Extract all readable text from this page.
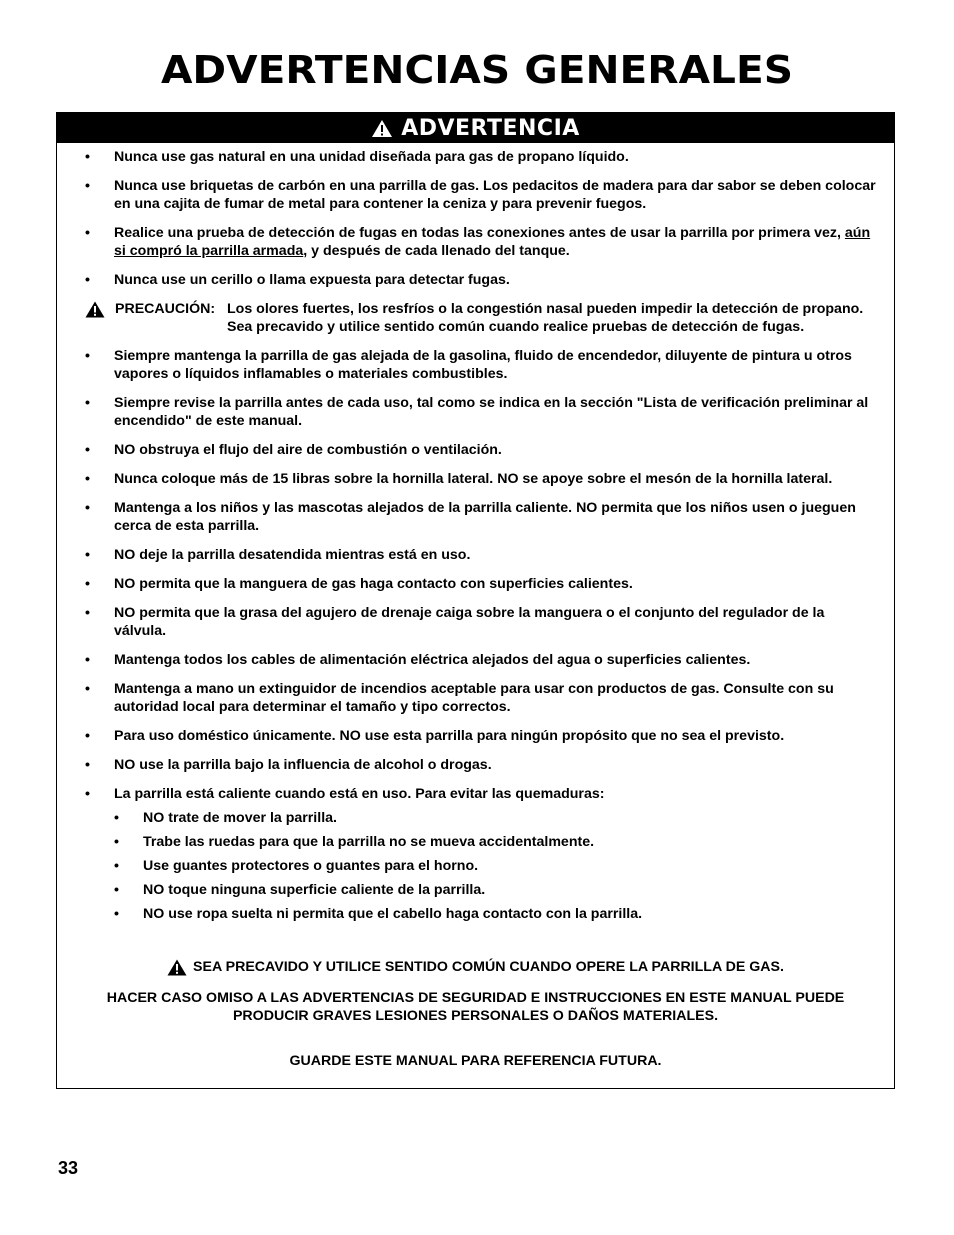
ADVERTENCIAS GENERALES
ADVERTENCIA
•	Nunca use gas natural en una unidad diseñada para gas de propano líquido.
•	Nunca use briquetas de carbón en una parrilla de gas. Los pedacitos de madera para dar sabor se deben colocar en una cajita de fumar de metal para contener la ceniza y para prevenir fuegos.
•	Realice una prueba de detección de fugas en todas las conexiones antes de usar la parrilla por primera vez, aún si compró la parrilla armada, y después de cada llenado del tanque.
•	Nunca use un cerillo o llama expuesta para detectar fugas.
PRECAUCIÓN: Los olores fuertes, los resfríos o la congestión nasal pueden impedir la detección de propano.
Sea precavido y utilice sentido común cuando realice pruebas de detección de fugas.
•	Siempre mantenga la parrilla de gas alejada de la gasolina, fluido de encendedor, diluyente de pintura u otros vapores o líquidos inflamables o materiales combustibles.
•	Siempre revise la parrilla antes de cada uso, tal como se indica en la sección "Lista de verificación preliminar al encendido" de este manual.
•	NO obstruya el flujo del aire de combustión o ventilación.
•	Nunca coloque más de 15 libras sobre la hornilla lateral. NO se apoye sobre el mesón de la hornilla lateral.
•	Mantenga a los niños y las mascotas alejados de la parrilla caliente. NO permita que los niños usen o jueguen cerca de esta parrilla.
•	NO deje la parrilla desatendida mientras está en uso.
•	NO permita que la manguera de gas haga contacto con superficies calientes.
•	NO permita que la grasa del agujero de drenaje caiga sobre la manguera o el conjunto del regulador de la válvula.
•	Mantenga todos los cables de alimentación eléctrica alejados del agua o superficies calientes.
•	Mantenga a mano un extinguidor de incendios aceptable para usar con productos de gas. Consulte con su autoridad local para determinar el tamaño y tipo correctos.
•	Para uso doméstico únicamente. NO use esta parrilla para ningún propósito que no sea el previsto.
•	NO use la parrilla bajo la influencia de alcohol o drogas.
•	La parrilla está caliente cuando está en uso. Para evitar las quemaduras:
•	NO trate de mover la parrilla.
•	Trabe las ruedas para que la parrilla no se mueva accidentalmente.
•	Use guantes protectores o guantes para el horno.
•	NO toque ninguna superficie caliente de la parrilla.
•	NO use ropa suelta ni permita que el cabello haga contacto con la parrilla.
SEA PRECAVIDO Y UTILICE SENTIDO COMÚN CUANDO OPERE LA PARRILLA DE GAS.
HACER CASO OMISO A LAS ADVERTENCIAS DE SEGURIDAD E INSTRUCCIONES EN ESTE MANUAL PUEDE PRODUCIR GRAVES LESIONES PERSONALES O DAÑOS MATERIALES.
GUARDE ESTE MANUAL PARA REFERENCIA FUTURA.
33
